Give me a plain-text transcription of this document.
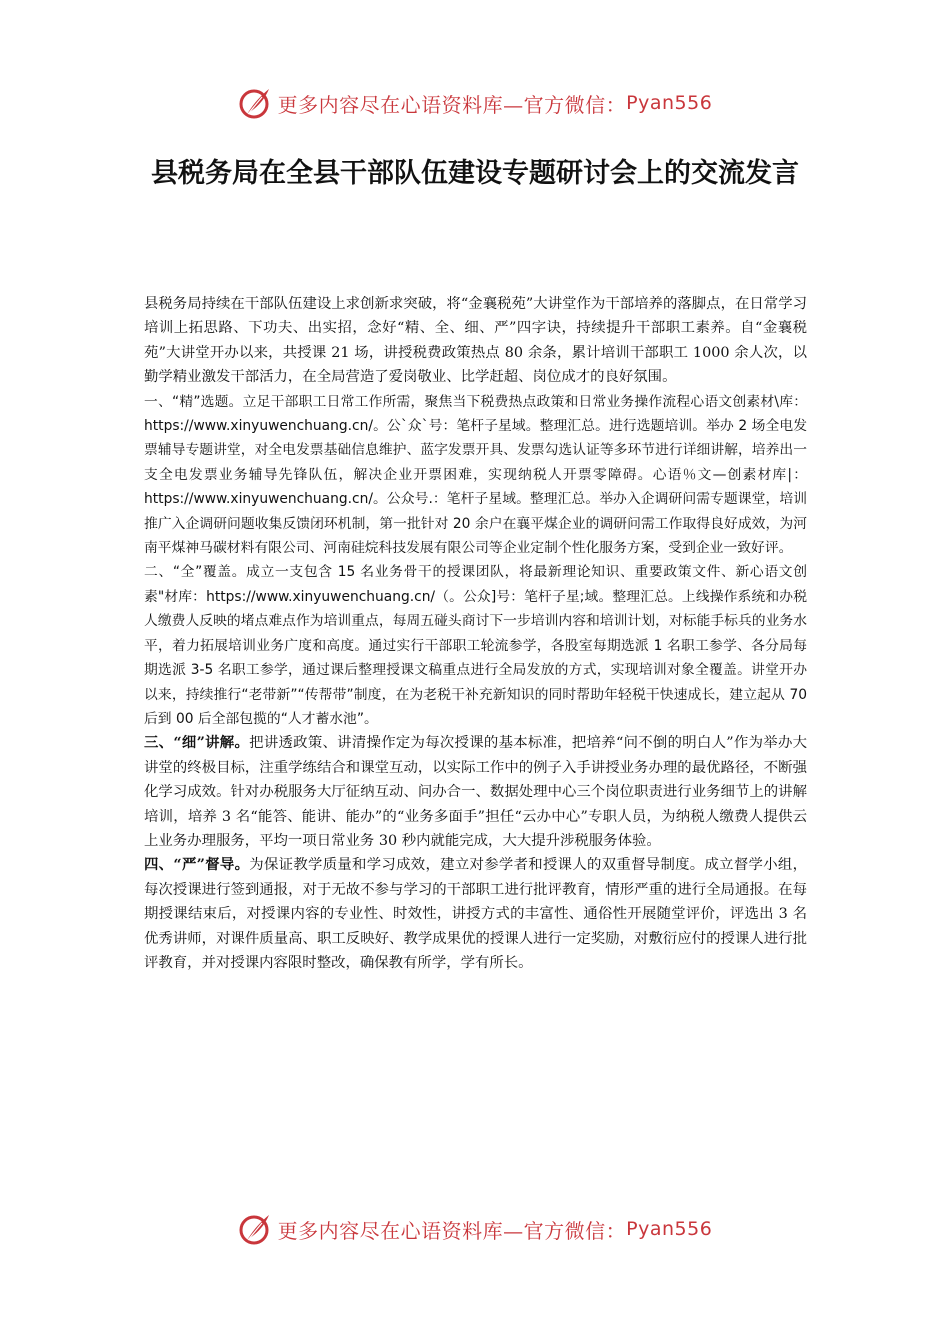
更多内容尽在心语资料库—官方微信： Pyan556
县税务局在全县干部队伍建设专题研讨会上的交流发言

县税务局持续在干部队伍建设上求创新求突破，将“金襄税苑”大讲堂作为干部培养的落脚点，在日常学习培训上拓思路、下功夫、出实招，念好“精、全、细、严”四字诀，持续提升干部职工素养。自“金襄税苑”大讲堂开办以来，共授课 21 场，讲授税费政策热点 80 余条，累计培训干部职工 1000 余人次，以勤学精业激发干部活力，在全局营造了爱岗敬业、比学赶超、岗位成才的良好氛围。

一、“精”选题。立足干部职工日常工作所需，聚焦当下税费热点政策和日常业务操作流程心语文创素材\库：https://www.xinyuwenchuang.cn/。公`众`号：笔杆子星域。整理汇总。进行选题培训。举办 2 场全电发票辅导专题讲堂，对全电发票基础信息维护、蓝字发票开具、发票勾选认证等多环节进行详细讲解，培养出一支全电发票业务辅导先锋队伍，解决企业开票困难，实现纳税人开票零障碍。心语％文—创素材库|：https://www.xinyuwenchuang.cn/。公众号.：笔杆子星域。整理汇总。举办入企调研问需专题课堂，培训推广入企调研问题收集反馈闭环机制，第一批针对 20 余户在襄平煤企业的调研问需工作取得良好成效，为河南平煤神马碳材料有限公司、河南硅烷科技发展有限公司等企业定制个性化服务方案，受到企业一致好评。

二、“全”覆盖。成立一支包含 15 名业务骨干的授课团队，将最新理论知识、重要政策文件、新心语文创素"材库：https://www.xinyuwenchuang.cn/（。公众]号：笔杆子星;域。整理汇总。上线操作系统和办税人缴费人反映的堵点难点作为培训重点，每周五碰头商讨下一步培训内容和培训计划，对标能手标兵的业务水平，着力拓展培训业务广度和高度。通过实行干部职工轮流参学，各股室每期选派 1 名职工参学、各分局每期选派 3-5 名职工参学，通过课后整理授课文稿重点进行全局发放的方式，实现培训对象全覆盖。讲堂开办以来，持续推行“老带新”“传帮带”制度，在为老税干补充新知识的同时帮助年轻税干快速成长，建立起从 70 后到 00 后全部包揽的“人才蓄水池”。

三、“细”讲解。把讲透政策、讲清操作定为每次授课的基本标准，把培养“问不倒的明白人”作为举办大讲堂的终极目标，注重学练结合和课堂互动，以实际工作中的例子入手讲授业务办理的最优路径，不断强化学习成效。针对办税服务大厅征纳互动、问办合一、数据处理中心三个岗位职责进行业务细节上的讲解培训，培养 3 名“能答、能讲、能办”的“业务多面手”担任“云办中心”专职人员，为纳税人缴费人提供云上业务办理服务，平均一项日常业务 30 秒内就能完成，大大提升涉税服务体验。

四、“严”督导。为保证教学质量和学习成效，建立对参学者和授课人的双重督导制度。成立督学小组，每次授课进行签到通报，对于无故不参与学习的干部职工进行批评教育，情形严重的进行全局通报。在每期授课结束后，对授课内容的专业性、时效性，讲授方式的丰富性、通俗性开展随堂评价，评选出 3 名优秀讲师，对课件质量高、职工反映好、教学成果优的授课人进行一定奖励，对敷衍应付的授课人进行批评教育，并对授课内容限时整改，确保教有所学，学有所长。

更多内容尽在心语资料库—官方微信： Pyan556
